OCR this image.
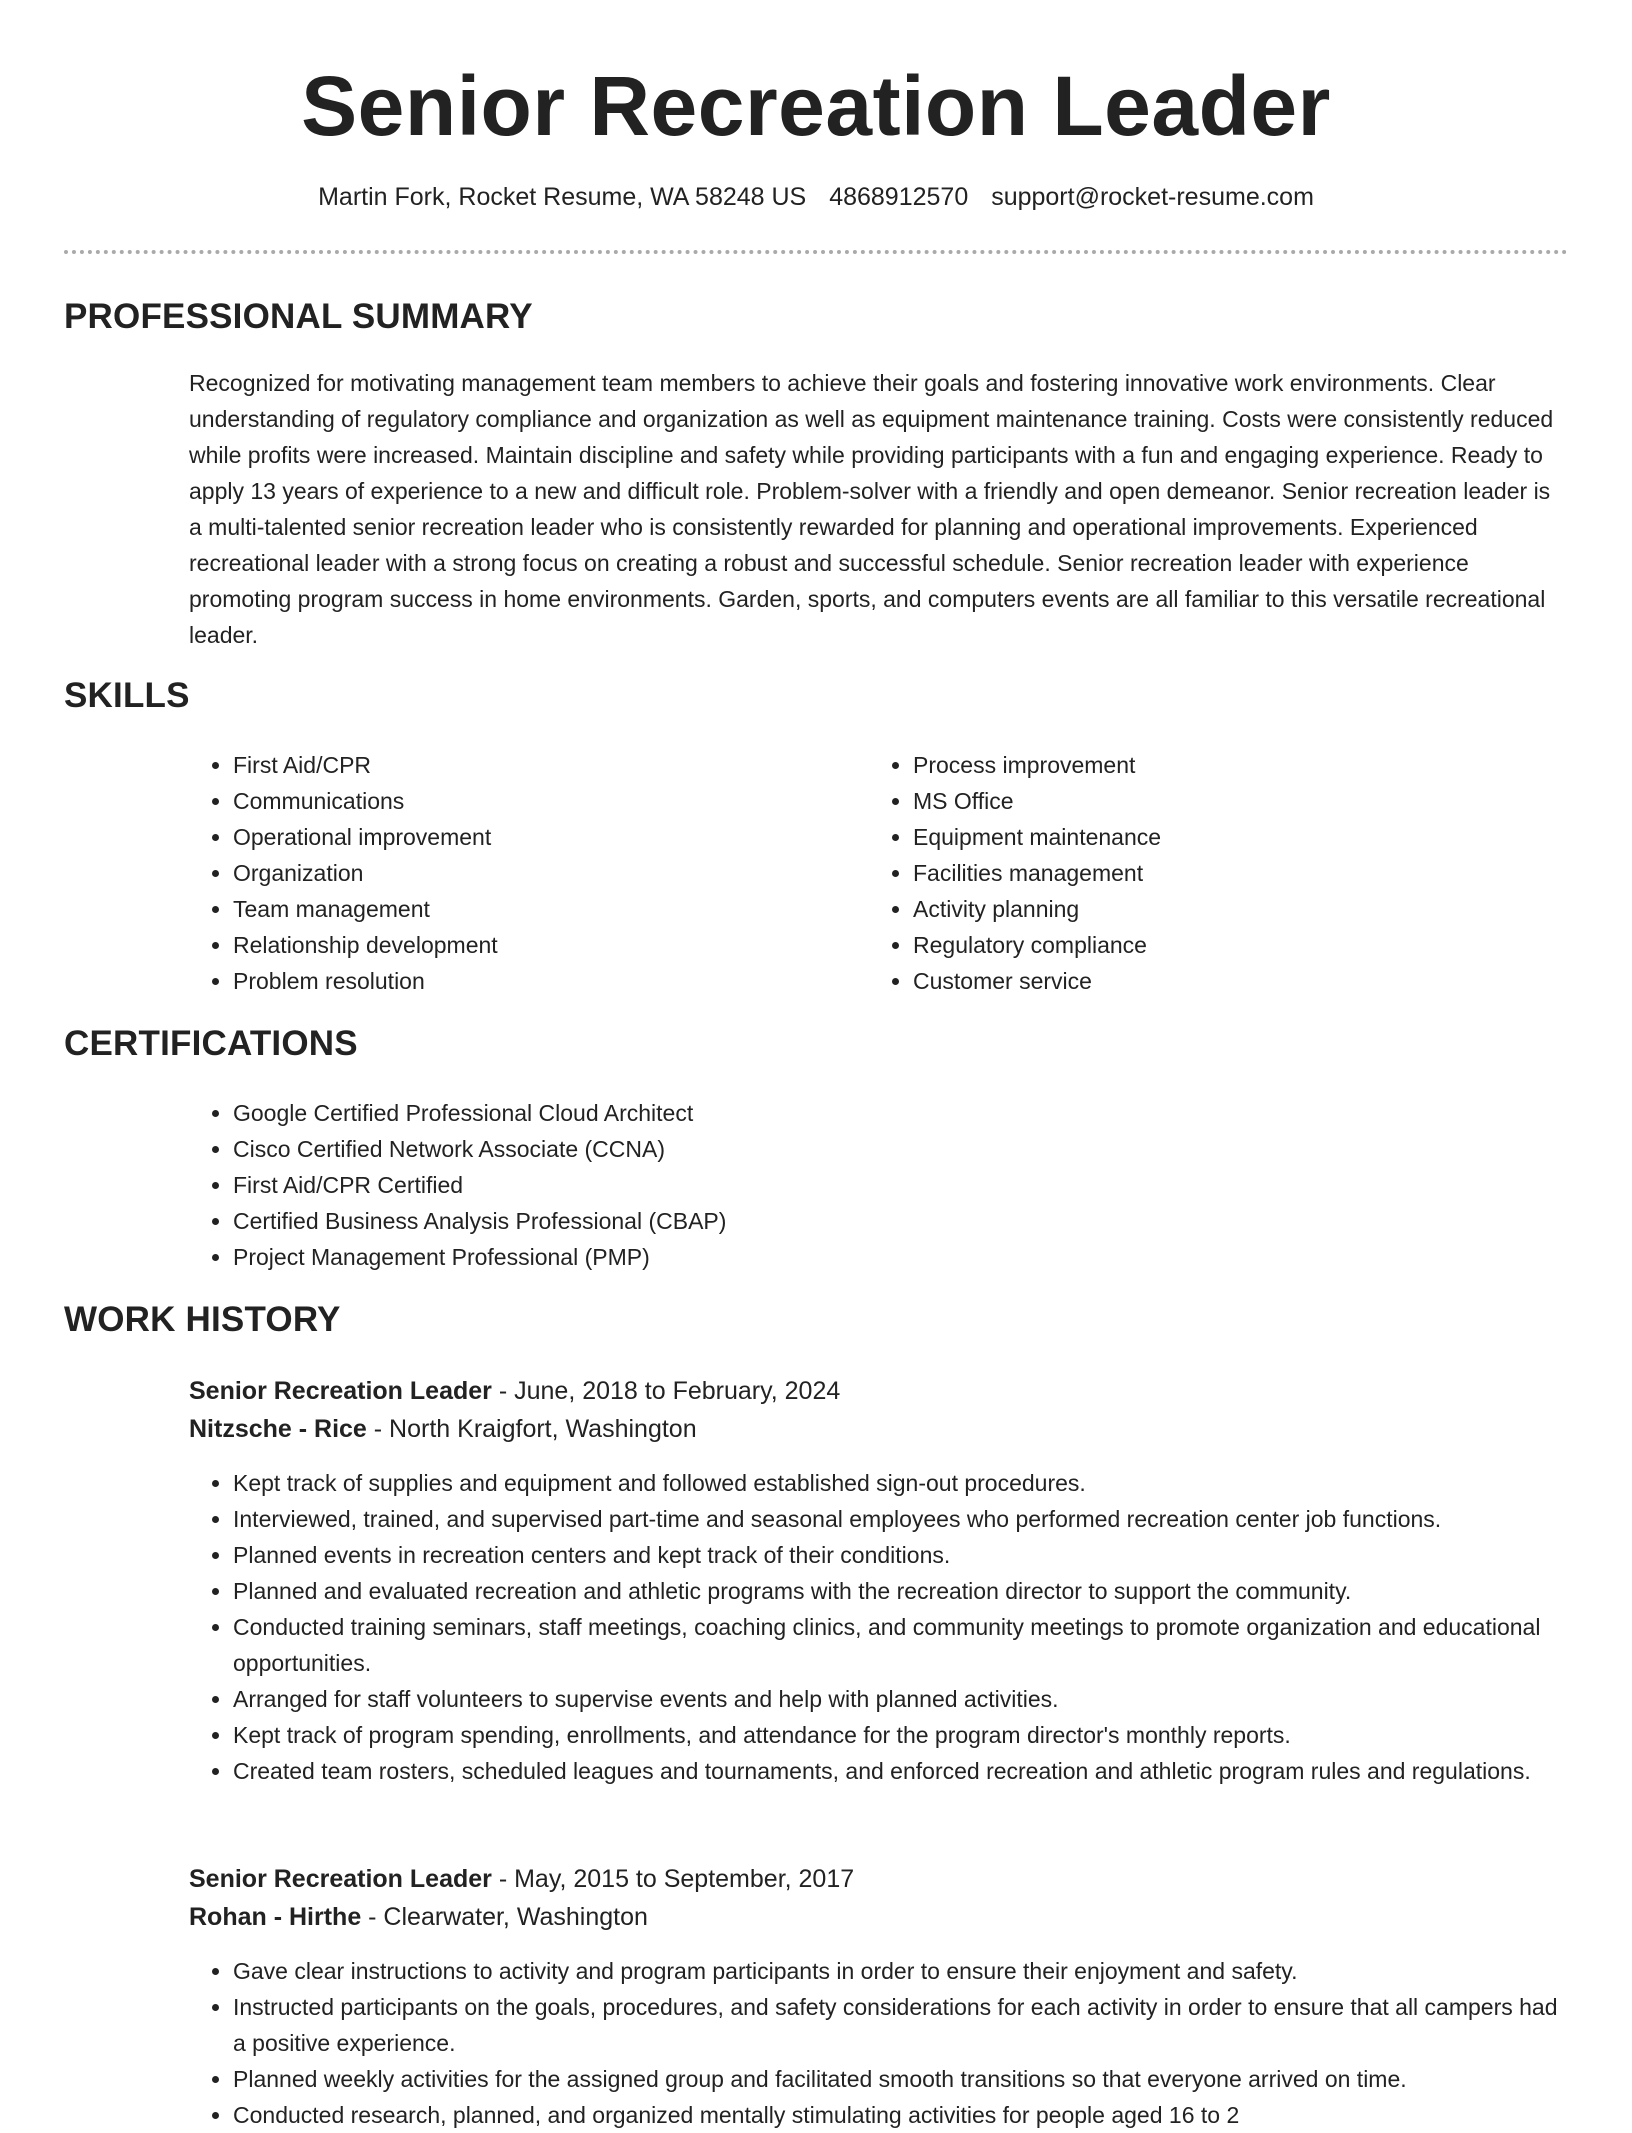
Senior Recreation Leader
Martin Fork, Rocket Resume, WA 58248 US 4868912570 support@rocket-resume.com
PROFESSIONAL SUMMARY

Recognized for motivating management team members to achieve their goals and fostering innovative work environments. Clear understanding of regulatory compliance and organization as well as equipment maintenance training. Costs were consistently reduced while profits were increased. Maintain discipline and safety while providing participants with a fun and engaging experience. Ready to apply 13 years of experience to a new and difficult role. Problem-solver with a friendly and open demeanor. Senior recreation leader is a multi-talented senior recreation leader who is consistently rewarded for planning and operational improvements. Experienced recreational leader with a strong focus on creating a robust and successful schedule. Senior recreation leader with experience promoting program success in home environments. Garden, sports, and computers events are all familiar to this versatile recreational leader.

SKILLS
• First Aid/CPR
• Communications
• Operational improvement
• Organization
• Team management
• Relationship development
• Problem resolution
• Process improvement
• MS Office
• Equipment maintenance
• Facilities management
• Activity planning
• Regulatory compliance
• Customer service
CERTIFICATIONS
• Google Certified Professional Cloud Architect
• Cisco Certified Network Associate (CCNA)
• First Aid/CPR Certified
• Certified Business Analysis Professional (CBAP)
• Project Management Professional (PMP)
WORK HISTORY
Senior Recreation Leader - June, 2018 to February, 2024
Nitzsche - Rice - North Kraigfort, Washington
• Kept track of supplies and equipment and followed established sign-out procedures.
• Interviewed, trained, and supervised part-time and seasonal employees who performed recreation center job functions.
• Planned events in recreation centers and kept track of their conditions.
• Planned and evaluated recreation and athletic programs with the recreation director to support the community.
• Conducted training seminars, staff meetings, coaching clinics, and community meetings to promote organization and educational opportunities.
• Arranged for staff volunteers to supervise events and help with planned activities.
• Kept track of program spending, enrollments, and attendance for the program director's monthly reports.
• Created team rosters, scheduled leagues and tournaments, and enforced recreation and athletic program rules and regulations.
Senior Recreation Leader - May, 2015 to September, 2017
Rohan - Hirthe - Clearwater, Washington
• Gave clear instructions to activity and program participants in order to ensure their enjoyment and safety.
• Instructed participants on the goals, procedures, and safety considerations for each activity in order to ensure that all campers had a positive experience.
• Planned weekly activities for the assigned group and facilitated smooth transitions so that everyone arrived on time.
• Conducted research, planned, and organized mentally stimulating activities for people aged 16 to 2
